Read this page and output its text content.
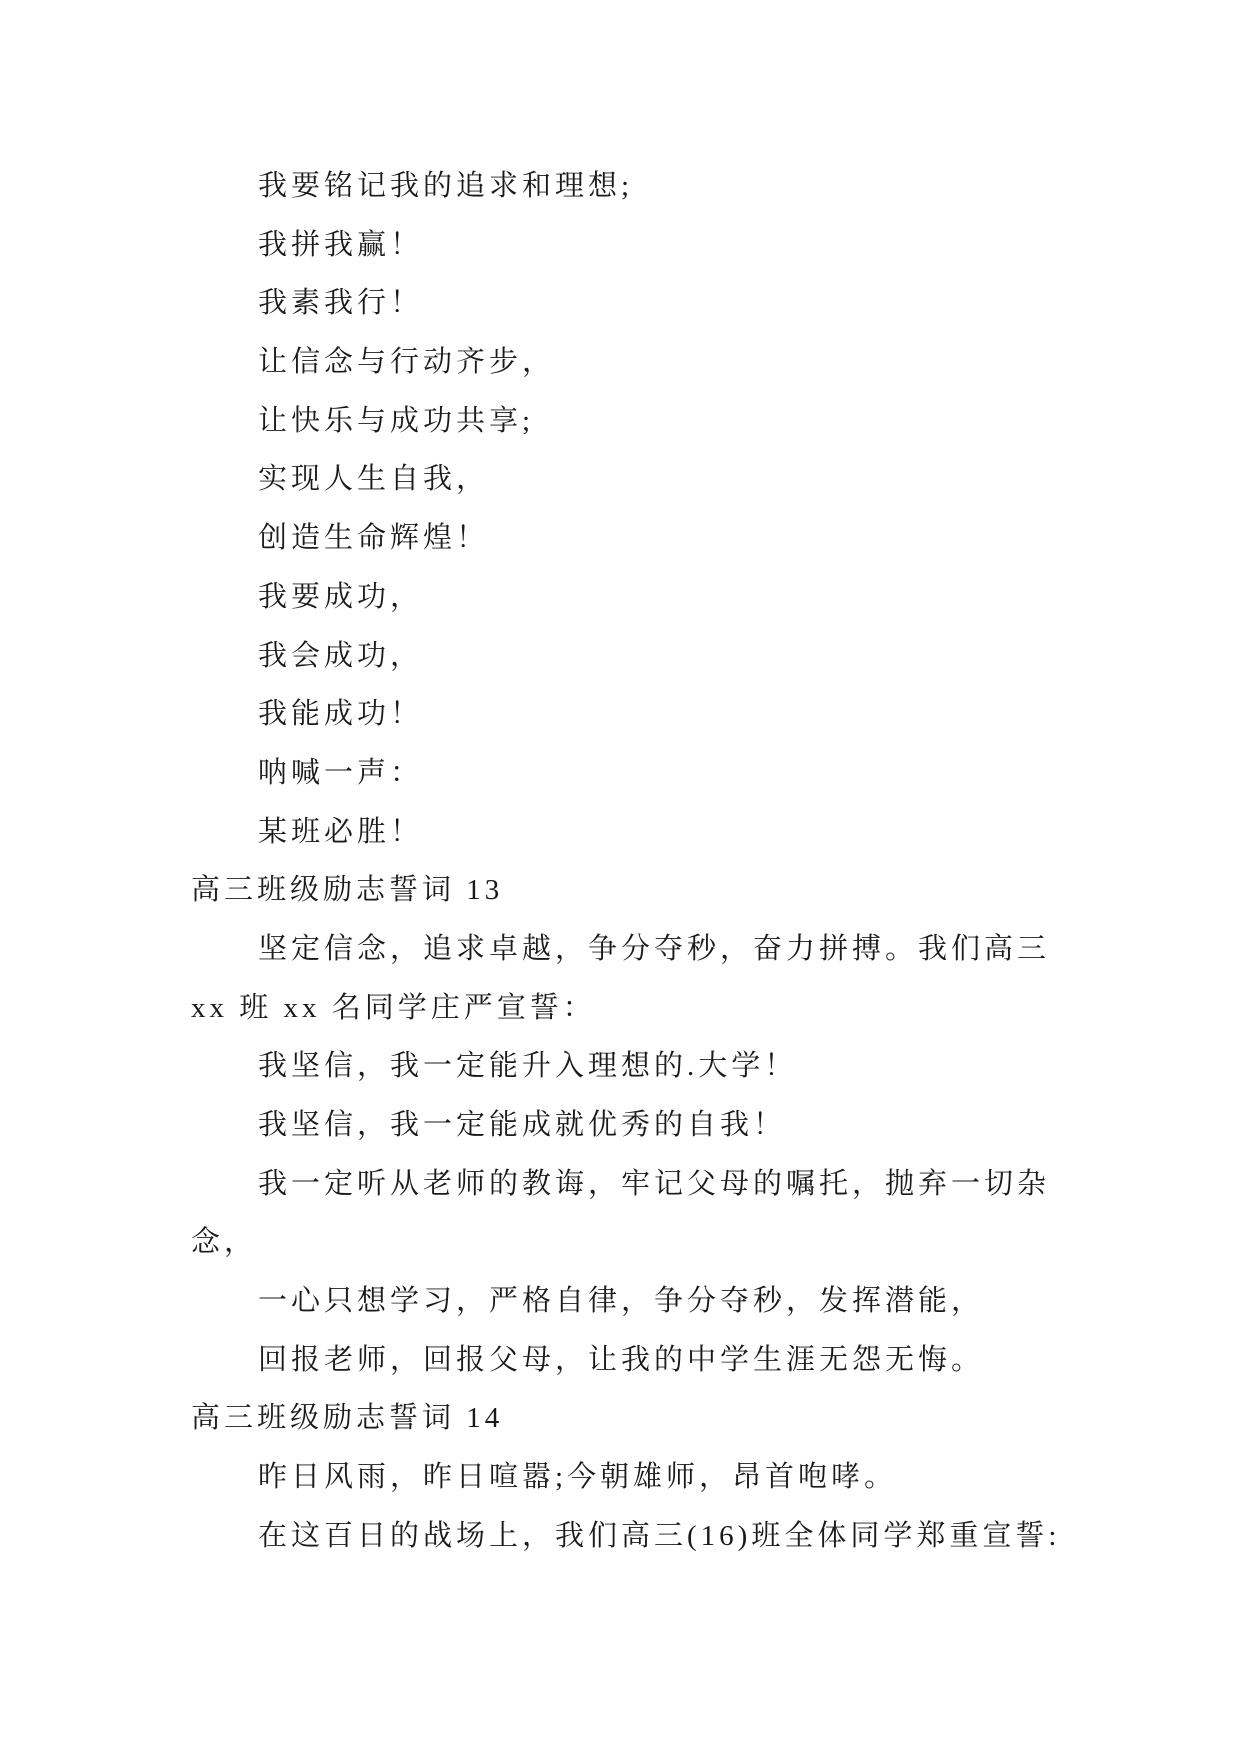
我要铭记我的追求和理想;
我拼我赢！
我素我行！
让信念与行动齐步，
让快乐与成功共享;
实现人生自我，
创造生命辉煌！
我要成功，
我会成功，
我能成功！
呐喊一声：
某班必胜！
高三班级励志誓词 13
坚定信念，追求卓越，争分夺秒，奋力拼搏。我们高三
xx 班 xx 名同学庄严宣誓：
我坚信，我一定能升入理想的.大学！
我坚信，我一定能成就优秀的自我！
我一定听从老师的教诲，牢记父母的嘱托，抛弃一切杂
念，
一心只想学习，严格自律，争分夺秒，发挥潜能，
回报老师，回报父母，让我的中学生涯无怨无悔。
高三班级励志誓词 14
昨日风雨，昨日喧嚣;今朝雄师，昂首咆哮。
在这百日的战场上，我们高三(16)班全体同学郑重宣誓:
